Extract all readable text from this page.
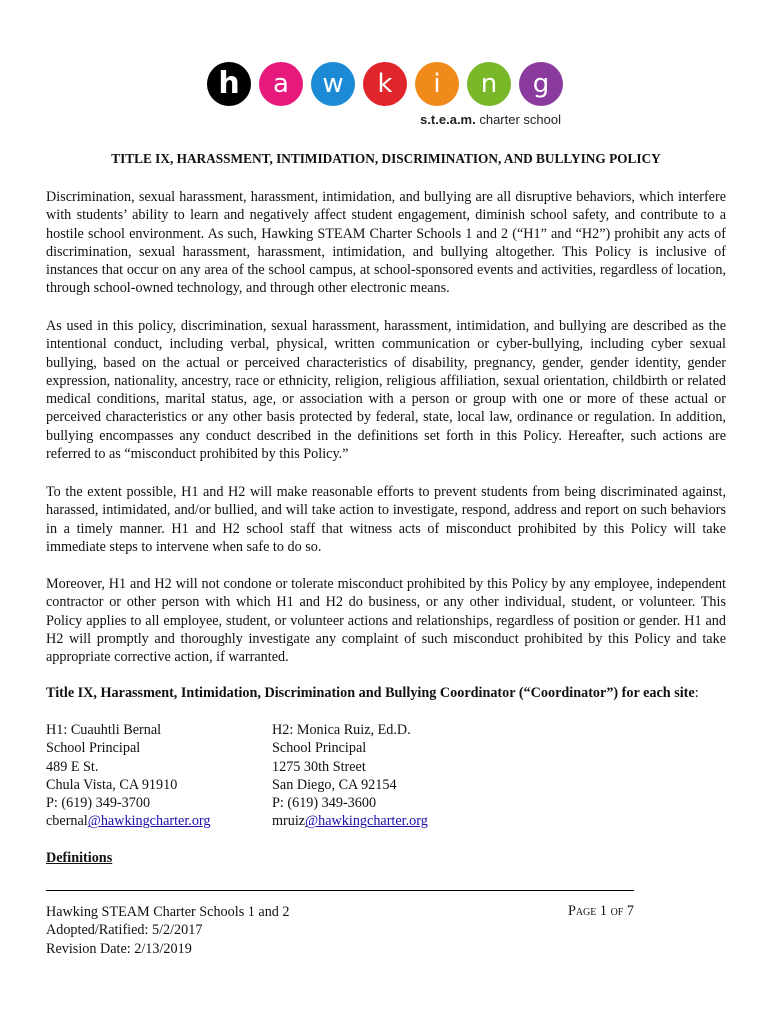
h	a	w	k	i	n	g
s.t.e.a.m. charter school
TITLE IX, HARASSMENT, INTIMIDATION, DISCRIMINATION, AND BULLYING POLICY

Discrimination, sexual harassment, harassment, intimidation, and bullying are all disruptive behaviors, which interfere with students’ ability to learn and negatively affect student engagement, diminish school safety, and contribute to a hostile school environment. As such, Hawking STEAM Charter Schools 1 and 2 (“H1” and “H2”) prohibit any acts of discrimination, sexual harassment, harassment, intimidation, and bullying altogether. This Policy is inclusive of instances that occur on any area of the school campus, at school-sponsored events and activities, regardless of location, through school-owned technology, and through other electronic means.

As used in this policy, discrimination, sexual harassment, harassment, intimidation, and bullying are described as the intentional conduct, including verbal, physical, written communication or cyber-bullying, including cyber sexual bullying, based on the actual or perceived characteristics of disability, pregnancy, gender, gender identity, gender expression, nationality, ancestry, race or ethnicity, religion, religious affiliation, sexual orientation, childbirth or related medical conditions, marital status, age, or association with a person or group with one or more of these actual or perceived characteristics or any other basis protected by federal, state, local law, ordinance or regulation. In addition, bullying encompasses any conduct described in the definitions set forth in this Policy. Hereafter, such actions are referred to as “misconduct prohibited by this Policy.”

To the extent possible, H1 and H2 will make reasonable efforts to prevent students from being discriminated against, harassed, intimidated, and/or bullied, and will take action to investigate, respond, address and report on such behaviors in a timely manner. H1 and H2 school staff that witness acts of misconduct prohibited by this Policy will take immediate steps to intervene when safe to do so.

Moreover, H1 and H2 will not condone or tolerate misconduct prohibited by this Policy by any employee, independent contractor or other person with which H1 and H2 do business, or any other individual, student, or volunteer. This Policy applies to all employee, student, or volunteer actions and relationships, regardless of position or gender. H1 and H2 will promptly and thoroughly investigate any complaint of such misconduct prohibited by this Policy and take appropriate corrective action, if warranted.

Title IX, Harassment, Intimidation, Discrimination and Bullying Coordinator (“Coordinator”) for each site:
H1: Cuauhtli Bernal
School Principal
489 E St.
Chula Vista, CA 91910
P: (619) 349-3700
cbernal@hawkingcharter.org
H2: Monica Ruiz, Ed.D.
School Principal
1275 30th Street
San Diego, CA 92154
P: (619) 349-3600
mruiz@hawkingcharter.org
Definitions
Hawking STEAM Charter Schools 1 and 2
Adopted/Ratified: 5/2/2017
Revision Date: 2/13/2019
Page 1 of 7
